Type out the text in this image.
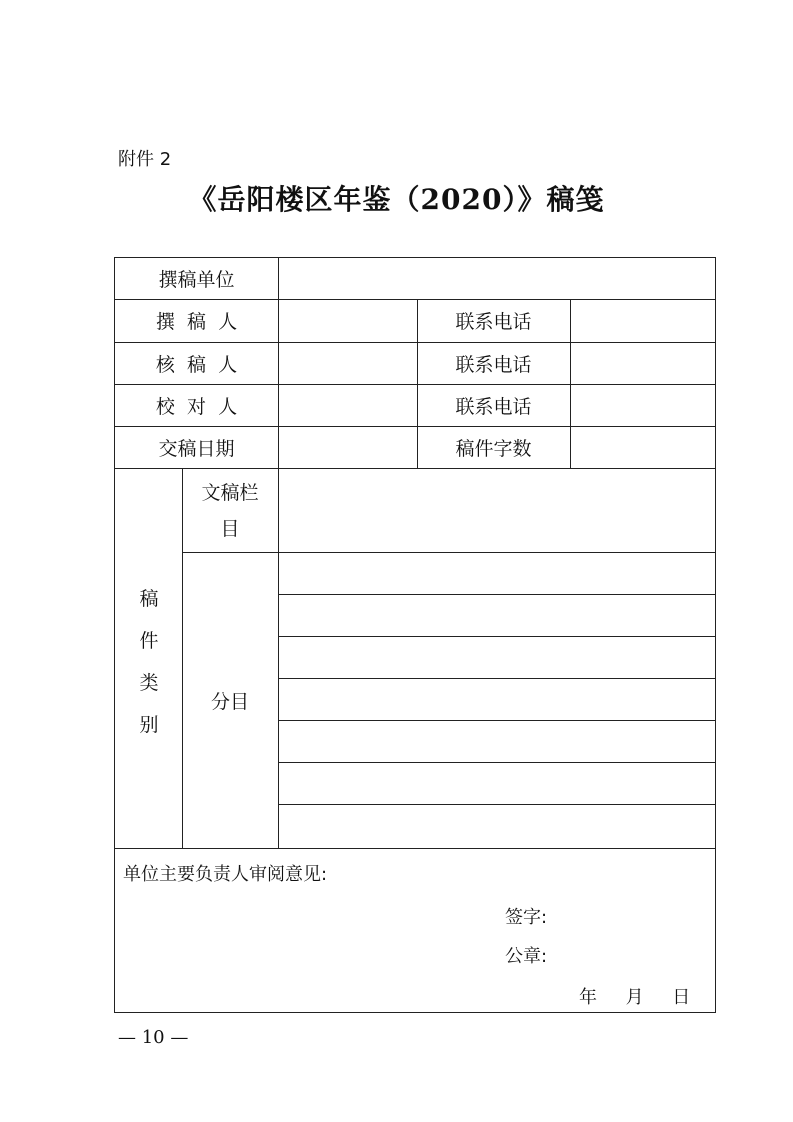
附件 2
《岳阳楼区年鉴（2020）》稿笺
撰稿单位
撰  稿  人
核  稿  人
校  对  人
交稿日期
联系电话
联系电话
联系电话
稿件字数
稿件类别
文稿栏目
分目
单位主要负责人审阅意见:
签字:
公章:
年     月     日
— 10 —
